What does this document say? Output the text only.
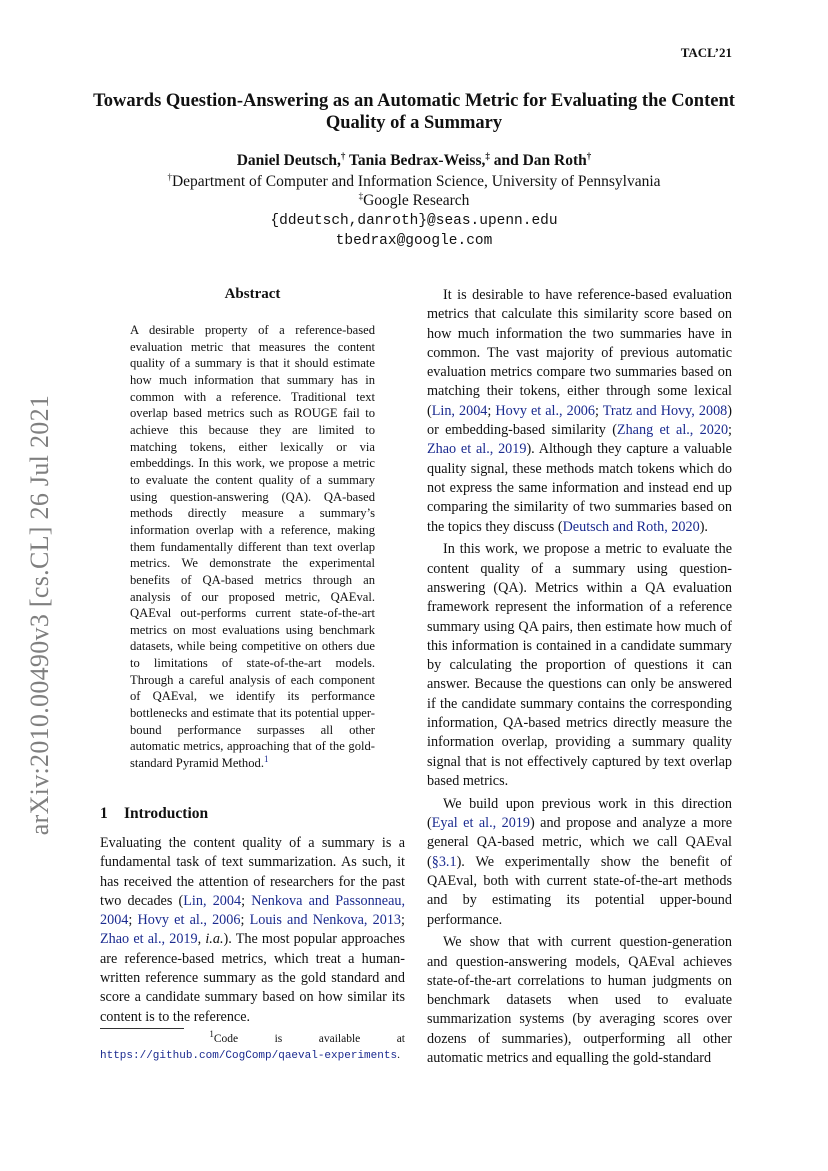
TACL’21
arXiv:2010.00490v3 [cs.CL] 26 Jul 2021
Towards Question-Answering as an Automatic Metric for Evaluating the Content Quality of a Summary
Daniel Deutsch,† Tania Bedrax-Weiss,‡ and Dan Roth†
†Department of Computer and Information Science, University of Pennsylvania
‡Google Research
{ddeutsch,danroth}@seas.upenn.edu
tbedrax@google.com
Abstract

A desirable property of a reference-based evaluation metric that measures the content quality of a summary is that it should estimate how much information that summary has in common with a reference. Traditional text overlap based metrics such as ROUGE fail to achieve this because they are limited to matching tokens, either lexically or via embeddings. In this work, we propose a metric to evaluate the content quality of a summary using question-answering (QA). QA-based methods directly measure a summary’s information overlap with a reference, making them fundamentally different than text overlap metrics. We demonstrate the experimental benefits of QA-based metrics through an analysis of our proposed metric, QAEval. QAEval out-performs current state-of-the-art metrics on most evaluations using benchmark datasets, while being competitive on others due to limitations of state-of-the-art models. Through a careful analysis of each component of QAEval, we identify its performance bottlenecks and estimate that its potential upper-bound performance surpasses all other automatic metrics, approaching that of the gold-standard Pyramid Method.$^1$

1 Introduction

Evaluating the content quality of a summary is a fundamental task of text summarization. As such, it has received the attention of researchers for the past two decades (Lin, 2004; Nenkova and Passonneau, 2004; Hovy et al., 2006; Louis and Nenkova, 2013; Zhao et al., 2019, i.a.). The most popular approaches are reference-based metrics, which treat a human-written reference summary as the gold standard and score a candidate summary based on how similar its content is to the reference.

$^1$Code is available at https://github.com/CogComp/qaeval-experiments.

It is desirable to have reference-based evaluation metrics that calculate this similarity score based on how much information the two summaries have in common. The vast majority of previous automatic evaluation metrics compare two summaries based on matching their tokens, either through some lexical (Lin, 2004; Hovy et al., 2006; Tratz and Hovy, 2008) or embedding-based similarity (Zhang et al., 2020; Zhao et al., 2019). Although they capture a valuable quality signal, these methods match tokens which do not express the same information and instead end up comparing the similarity of two summaries based on the topics they discuss (Deutsch and Roth, 2020).

In this work, we propose a metric to evaluate the content quality of a summary using question-answering (QA). Metrics within a QA evaluation framework represent the information of a reference summary using QA pairs, then estimate how much of this information is contained in a candidate summary by calculating the proportion of questions it can answer. Because the questions can only be answered if the candidate summary contains the corresponding information, QA-based metrics directly measure the information overlap, providing a summary quality signal that is not effectively captured by text overlap based metrics.

We build upon previous work in this direction (Eyal et al., 2019) and propose and analyze a more general QA-based metric, which we call QAEval (§3.1). We experimentally show the benefit of QAEval, both with current state-of-the-art methods and by estimating its potential upper-bound performance.

We show that with current question-generation and question-answering models, QAEval achieves state-of-the-art correlations to human judgments on benchmark datasets when used to evaluate summarization systems (by averaging scores over dozens of summaries), outperforming all other automatic metrics and equalling the gold-standard
